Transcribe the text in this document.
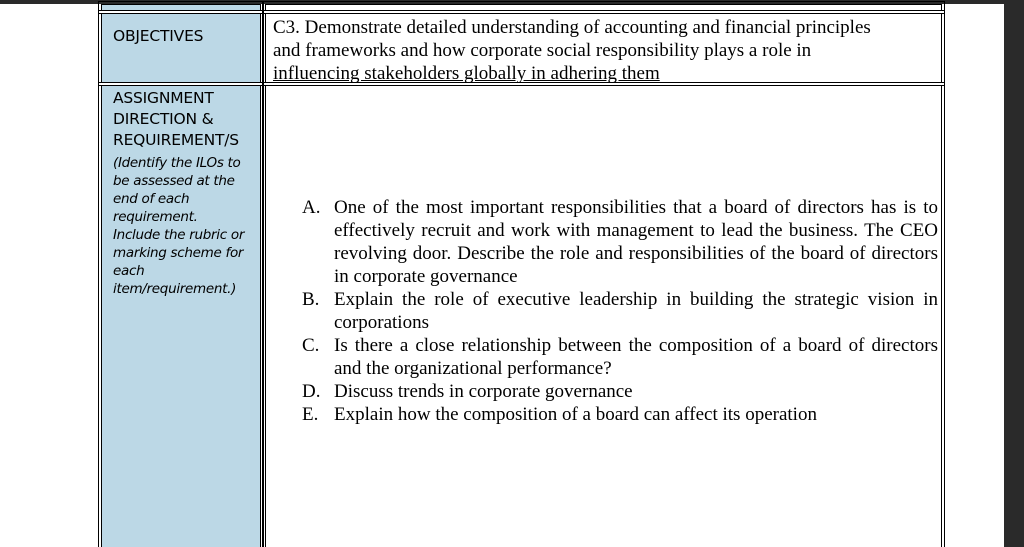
OBJECTIVES	C3. Demonstrate detailed understanding of accounting and financial principles
and frameworks and how corporate social responsibility plays a role in
influencing stakeholders globally in adhering them
ASSIGNMENT
DIRECTION &
REQUIREMENT/S
(Identify the ILOs to
be assessed at the
end of each
requirement.
Include the rubric or
marking scheme for
each
item/requirement.)
A. One of the most important responsibilities that a board of directors has is to effectively recruit and work with management to lead the business. The CEO revolving door. Describe the role and responsibilities of the board of directors in corporate governance
B. Explain the role of executive leadership in building the strategic vision in corporations
C. Is there a close relationship between the composition of a board of directors and the organizational performance?
D. Discuss trends in corporate governance
E. Explain how the composition of a board can affect its operation
